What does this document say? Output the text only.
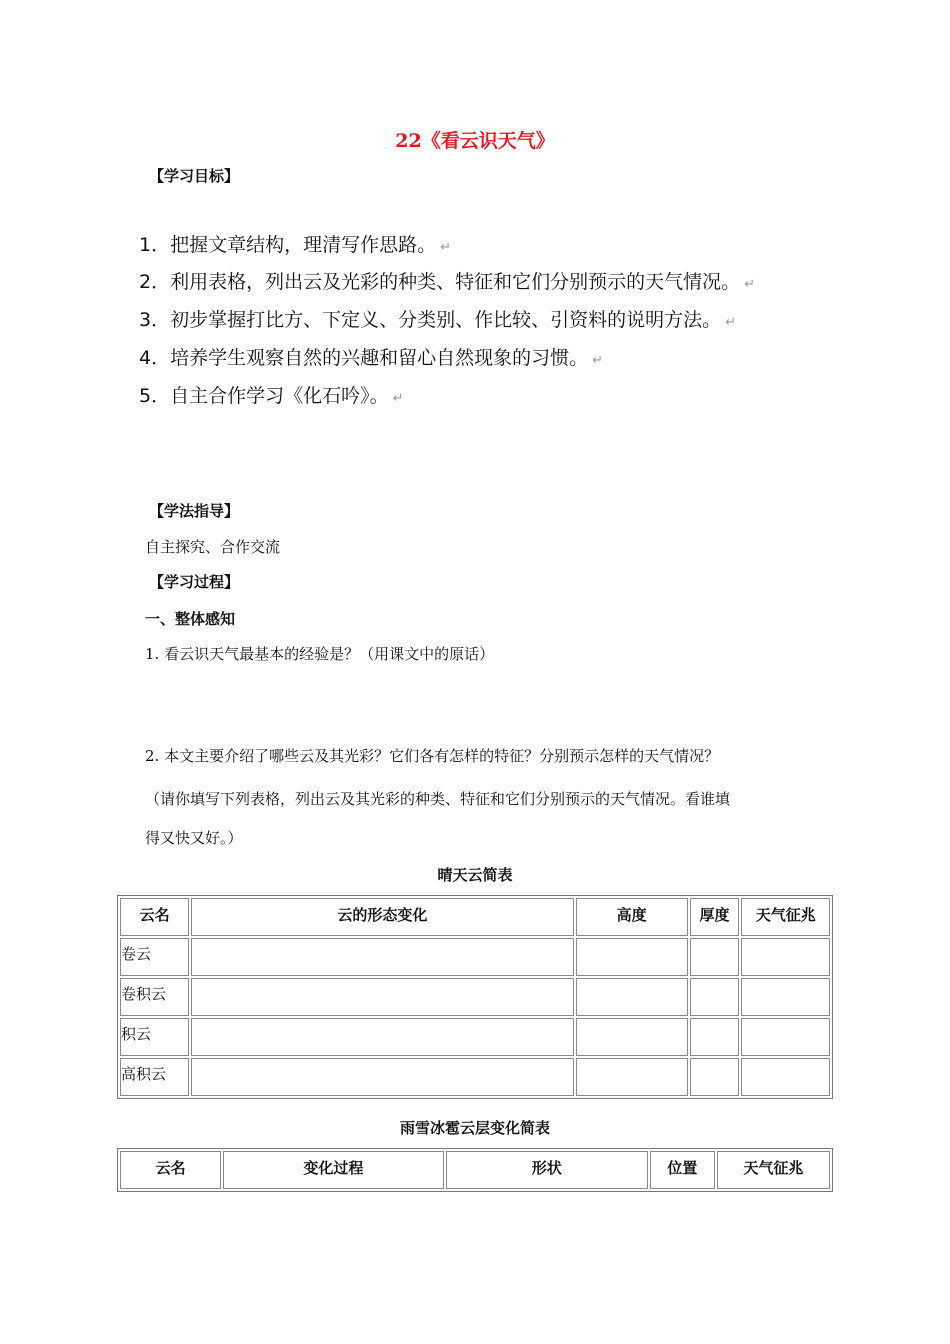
22《看云识天气》
【学习目标】
1．把握文章结构，理清写作思路。 ↵
2．利用表格，列出云及光彩的种类、特征和它们分别预示的天气情况。 ↵
3．初步掌握打比方、下定义、分类别、作比较、引资料的说明方法。 ↵
4．培养学生观察自然的兴趣和留心自然现象的习惯。 ↵
5．自主合作学习《化石吟》。 ↵
【学法指导】
自主探究、合作交流
【学习过程】
一、整体感知
1. 看云识天气最基本的经验是？（用课文中的原话）
2. 本文主要介绍了哪些云及其光彩？它们各有怎样的特征？分别预示怎样的天气情况？
（请你填写下列表格，列出云及其光彩的种类、特征和它们分别预示的天气情况。看谁填
得又快又好。）
晴天云简表
云名	云的形态变化	高度	厚度	天气征兆
卷云				
卷积云				
积云				
高积云				
雨雪冰雹云层变化简表
云名	变化过程	形状	位置	天气征兆
